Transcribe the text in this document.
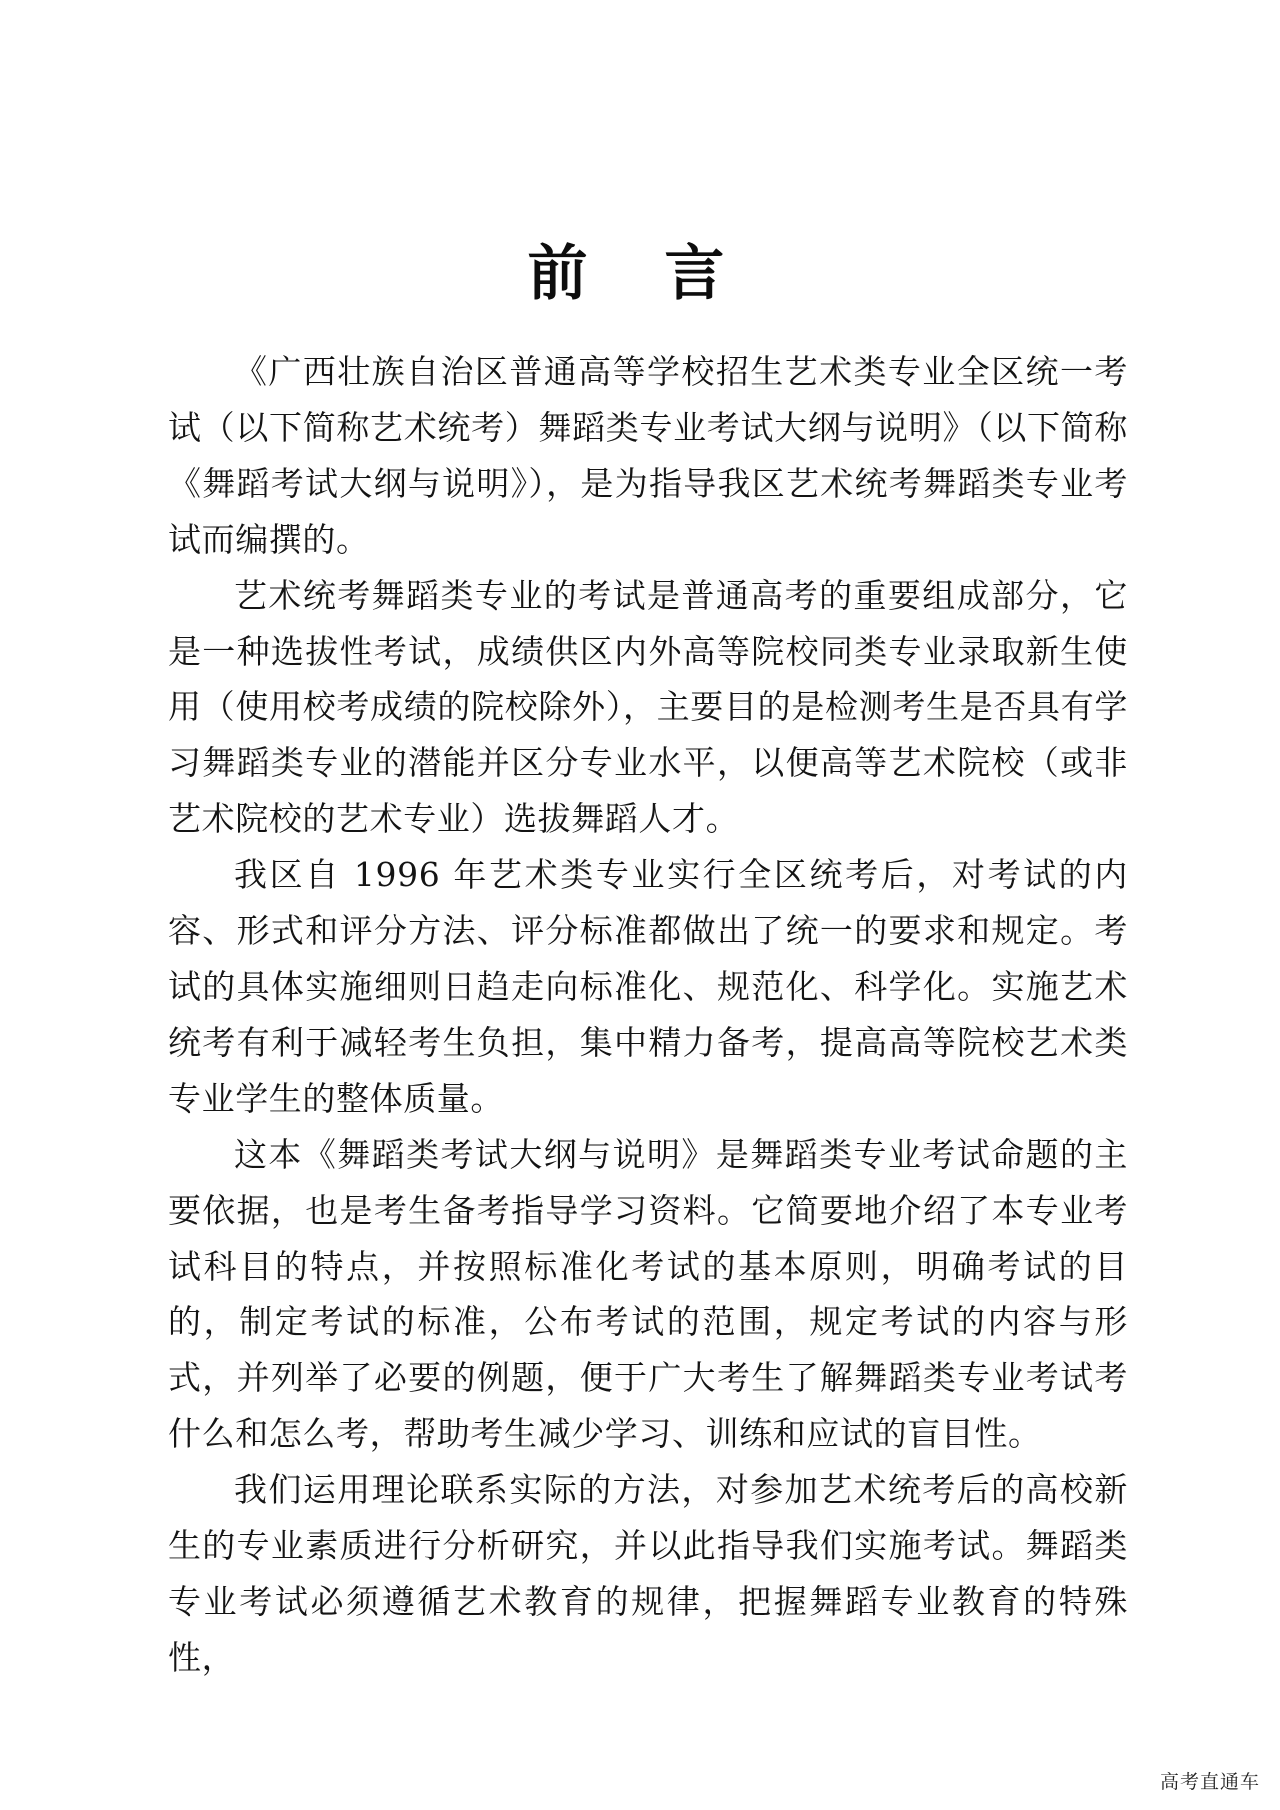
前 言

《广西壮族自治区普通高等学校招生艺术类专业全区统一考试（以下简称艺术统考）舞蹈类专业考试大纲与说明》（以下简称《舞蹈考试大纲与说明》），是为指导我区艺术统考舞蹈类专业考试而编撰的。

艺术统考舞蹈类专业的考试是普通高考的重要组成部分，它是一种选拔性考试，成绩供区内外高等院校同类专业录取新生使用（使用校考成绩的院校除外），主要目的是检测考生是否具有学习舞蹈类专业的潜能并区分专业水平，以便高等艺术院校（或非艺术院校的艺术专业）选拔舞蹈人才。

我区自 1996 年艺术类专业实行全区统考后，对考试的内容、形式和评分方法、评分标准都做出了统一的要求和规定。考试的具体实施细则日趋走向标准化、规范化、科学化。实施艺术统考有利于减轻考生负担，集中精力备考，提高高等院校艺术类专业学生的整体质量。

这本《舞蹈类考试大纲与说明》是舞蹈类专业考试命题的主要依据，也是考生备考指导学习资料。它简要地介绍了本专业考试科目的特点，并按照标准化考试的基本原则，明确考试的目的，制定考试的标准，公布考试的范围，规定考试的内容与形式，并列举了必要的例题，便于广大考生了解舞蹈类专业考试考什么和怎么考，帮助考生减少学习、训练和应试的盲目性。

我们运用理论联系实际的方法，对参加艺术统考后的高校新生的专业素质进行分析研究，并以此指导我们实施考试。舞蹈类专业考试必须遵循艺术教育的规律，把握舞蹈专业教育的特殊性，

高考直通车
